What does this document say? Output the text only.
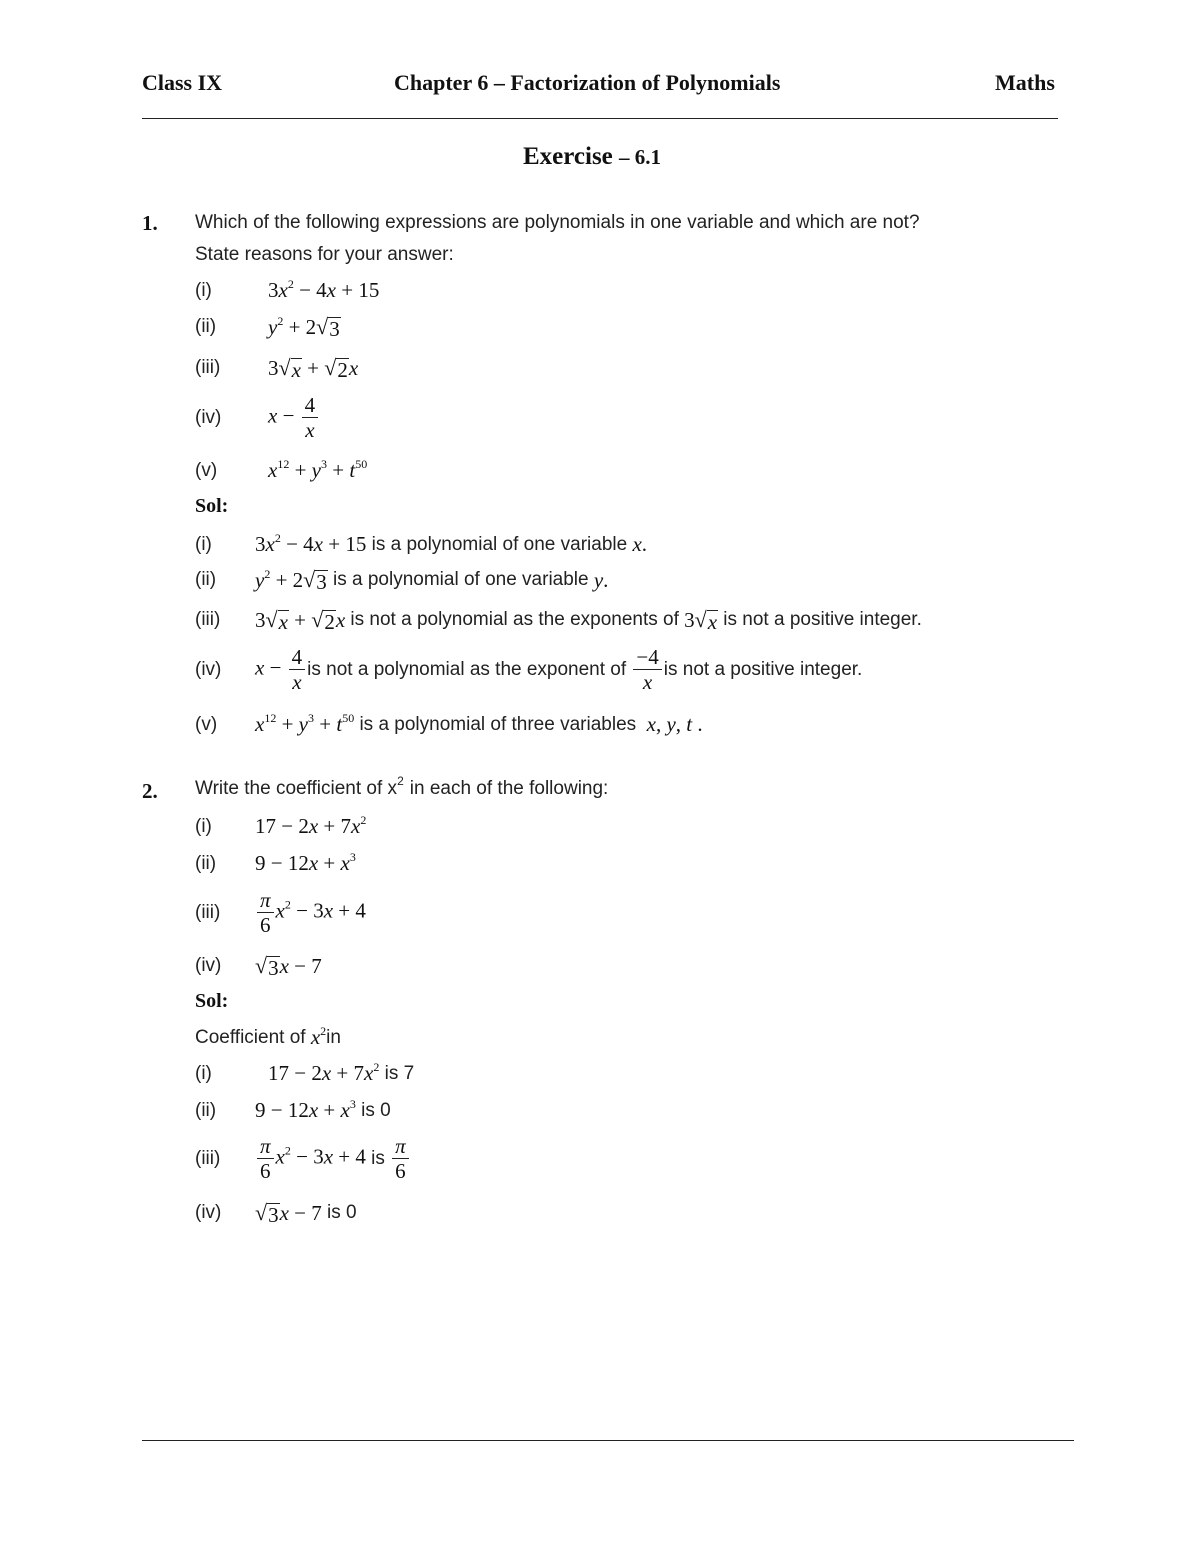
Class IX	Chapter 6 – Factorization of Polynomials	Maths
Exercise – 6.1
1. Which of the following expressions are polynomials in one variable and which are not?
State reasons for your answer:
(i)	$3x^2 - 4x + 15$
(ii)	$y^2 + 2$ √ 3
(iii)	3 √ x + √ 2 x
(iv)	$x - \frac{4}{x}$
(v)	$x^{12} + y^3 + t^{50}$
Sol:
(i)	$3x^2 - 4x + 15$ is a polynomial of one variable x.
(ii)	$y^2 + 2$ √ 3
is a polynomial of one variable y.
(iii)	3 √ x + √ 2 x is not a polynomial as the exponents of 3 √ x
is not a positive integer.
(iv)	$x - \frac{4}{x}$ is not a polynomial as the exponent of
$\frac{-4}{x}$ is not a positive integer.
(v)	$x^{12} + y^3 + t^{50}$ is a polynomial of three variables x, y, t .
2. Write the coefficient of x $^2$ in each of the following:
(i)	$17 - 2x + 7x^2$
(ii)	$9 - 12x + x^3$
(iii)	$\frac{\pi}{6} x^2 - 3x + 4$
(iv)	√ 3 x − 7
Sol:
Coefficient of $x^2$ in
(i)	$17 - 2x + 7x^2$ is 7
(ii)	$9 - 12x + x^3$ is 0
(iii)	$\frac{\pi}{6} x^2 - 3x + 4$ is
$\frac{\pi}{6}$
(iv)	√ 3 x − 7 is 0
